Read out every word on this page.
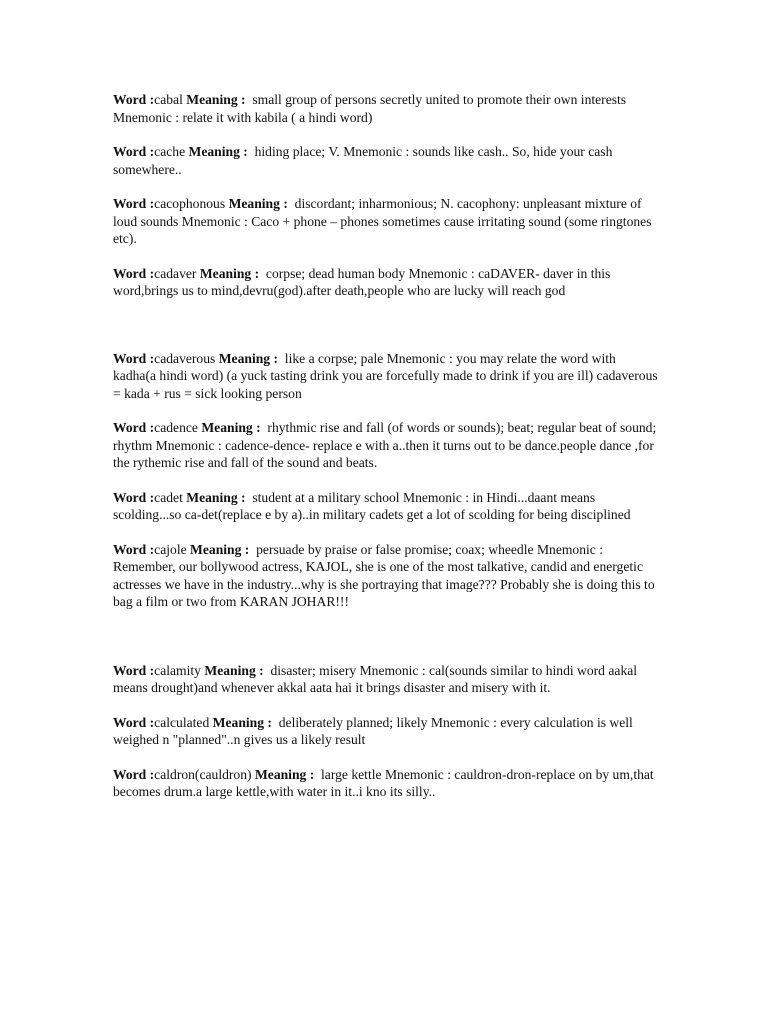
Word :cabal Meaning : small group of persons secretly united to promote their own interests Mnemonic : relate it with kabila ( a hindi word)

Word :cache Meaning : hiding place; V. Mnemonic : sounds like cash.. So, hide your cash somewhere..

Word :cacophonous Meaning : discordant; inharmonious; N. cacophony: unpleasant mixture of loud sounds Mnemonic : Caco + phone – phones sometimes cause irritating sound (some ringtones etc).

Word :cadaver Meaning : corpse; dead human body Mnemonic : caDAVER- daver in this word,brings us to mind,devru(god).after death,people who are lucky will reach god

Word :cadaverous Meaning : like a corpse; pale Mnemonic : you may relate the word with kadha(a hindi word) (a yuck tasting drink you are forcefully made to drink if you are ill) cadaverous = kada + rus = sick looking person

Word :cadence Meaning : rhythmic rise and fall (of words or sounds); beat; regular beat of sound; rhythm Mnemonic : cadence-dence- replace e with a..then it turns out to be dance.people dance ,for the rythemic rise and fall of the sound and beats.

Word :cadet Meaning : student at a military school Mnemonic : in Hindi...daant means scolding...so ca-det(replace e by a)..in military cadets get a lot of scolding for being disciplined

Word :cajole Meaning : persuade by praise or false promise; coax; wheedle Mnemonic : Remember, our bollywood actress, KAJOL, she is one of the most talkative, candid and energetic actresses we have in the industry...why is she portraying that image??? Probably she is doing this to bag a film or two from KARAN JOHAR!!!

Word :calamity Meaning : disaster; misery Mnemonic : cal(sounds similar to hindi word aakal means drought)and whenever akkal aata hai it brings disaster and misery with it.

Word :calculated Meaning : deliberately planned; likely Mnemonic : every calculation is well weighed n "planned"..n gives us a likely result

Word :caldron(cauldron) Meaning : large kettle Mnemonic : cauldron-dron-replace on by um,that becomes drum.a large kettle,with water in it..i kno its silly..
